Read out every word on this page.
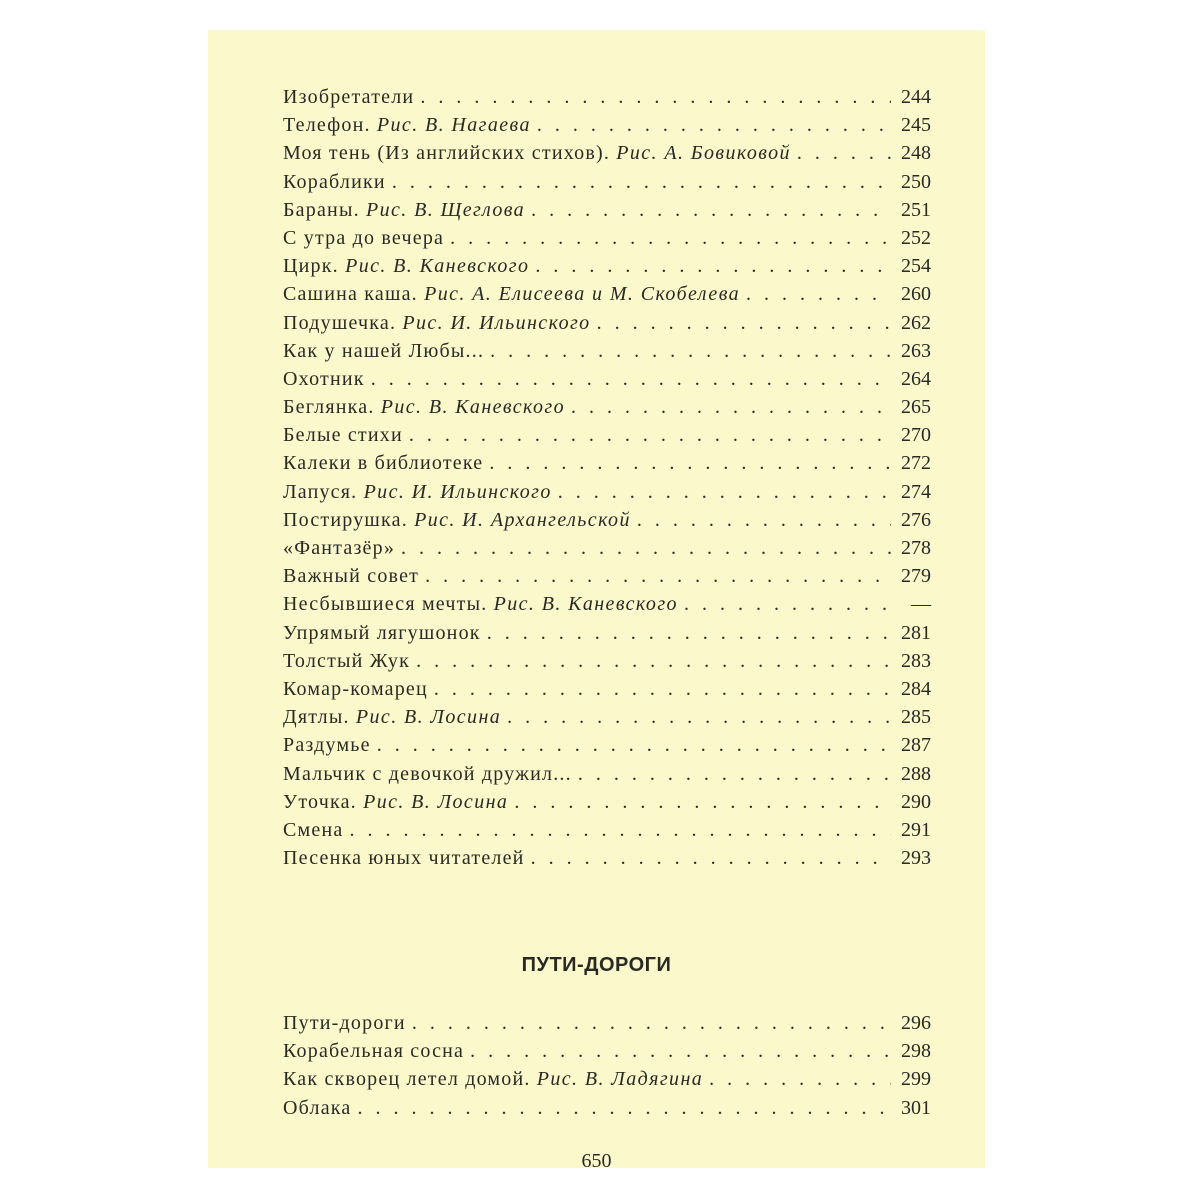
Изобретатели . . .	244
Телефон. Рис. В. Нагаева . . .	245
Моя тень (Из английских стихов). Рис. А. Бовиковой . . .	248
Кораблики . . .	250
Бараны. Рис. В. Щеглова . . .	251
С утра до вечера . . .	252
Цирк. Рис. В. Каневского . . .	254
Сашина каша. Рис. А. Елисеева и М. Скобелева . . .	260
Подушечка. Рис. И. Ильинского . . .	262
Как у нашей Любы... . . .	263
Охотник . . .	264
Беглянка. Рис. В. Каневского . . .	265
Белые стихи . . .	270
Калеки в библиотеке . . .	272
Лапуся. Рис. И. Ильинского . . .	274
Постирушка. Рис. И. Архангельской . . .	276
«Фантазёр» . . .	278
Важный совет . . .	279
Несбывшиеся мечты. Рис. В. Каневского . . .	—
Упрямый лягушонок . . .	281
Толстый Жук . . .	283
Комар-комарец . . .	284
Дятлы. Рис. В. Лосина . . .	285
Раздумье . . .	287
Мальчик с девочкой дружил... . . .	288
Уточка. Рис. В. Лосина . . .	290
Смена . . .	291
Песенка юных читателей . . .	293
ПУТИ-ДОРОГИ
Пути-дороги . . .	296
Корабельная сосна . . .	298
Как скворец летел домой. Рис. В. Ладягина . . .	299
Облака . . .	301
650
